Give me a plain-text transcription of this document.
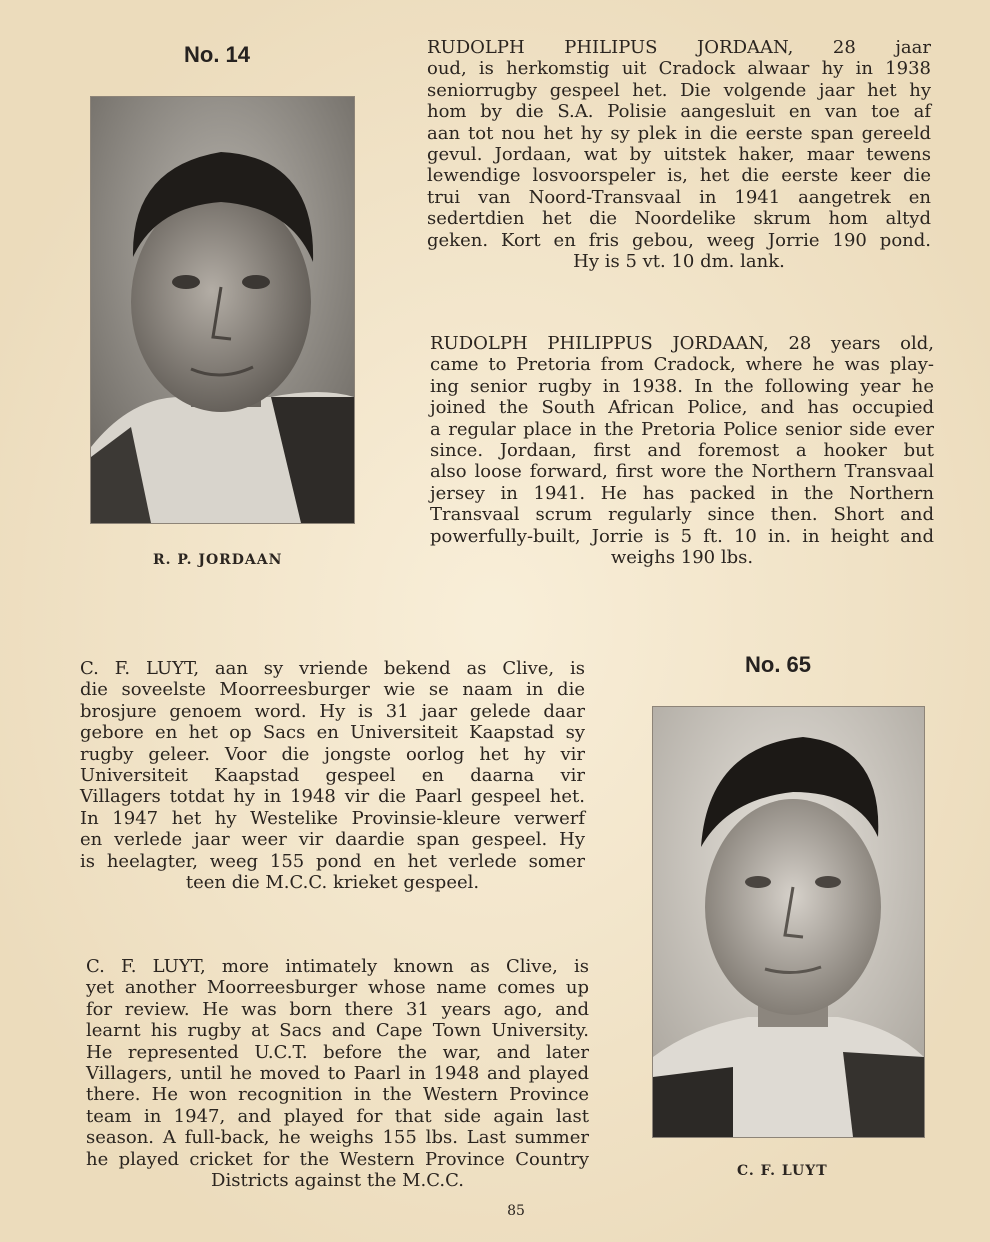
No. 14
R. P. JORDAAN

RUDOLPH PHILIPUS JORDAAN, 28 jaar
oud, is herkomstig uit Cradock alwaar hy in 1938
seniorrugby gespeel het. Die volgende jaar het hy
hom by die S.A. Polisie aangesluit en van toe af
aan tot nou het hy sy plek in die eerste span gereeld
gevul. Jordaan, wat by uitstek haker, maar tewens
lewendige losvoorspeler is, het die eerste keer die
trui van Noord-Transvaal in 1941 aangetrek en
sedertdien het die Noordelike skrum hom altyd
geken. Kort en fris gebou, weeg Jorrie 190 pond.
Hy is 5 vt. 10 dm. lank.

RUDOLPH PHILIPPUS JORDAAN, 28 years old,
came to Pretoria from Cradock, where he was play-
ing senior rugby in 1938. In the following year he
joined the South African Police, and has occupied
a regular place in the Pretoria Police senior side ever
since. Jordaan, first and foremost a hooker but
also loose forward, first wore the Northern Transvaal
jersey in 1941. He has packed in the Northern
Transvaal scrum regularly since then. Short and
powerfully-built, Jorrie is 5 ft. 10 in. in height and
weighs 190 lbs.

No. 65
C. F. LUYT

C. F. LUYT, aan sy vriende bekend as Clive, is
die soveelste Moorreesburger wie se naam in die
brosjure genoem word. Hy is 31 jaar gelede daar
gebore en het op Sacs en Universiteit Kaapstad sy
rugby geleer. Voor die jongste oorlog het hy vir
Universiteit Kaapstad gespeel en daarna vir
Villagers totdat hy in 1948 vir die Paarl gespeel het.
In 1947 het hy Westelike Provinsie-kleure verwerf
en verlede jaar weer vir daardie span gespeel. Hy
is heelagter, weeg 155 pond en het verlede somer
teen die M.C.C. krieket gespeel.

C. F. LUYT, more intimately known as Clive, is
yet another Moorreesburger whose name comes up
for review. He was born there 31 years ago, and
learnt his rugby at Sacs and Cape Town University.
He represented U.C.T. before the war, and later
Villagers, until he moved to Paarl in 1948 and played
there. He won recognition in the Western Province
team in 1947, and played for that side again last
season. A full-back, he weighs 155 lbs. Last summer
he played cricket for the Western Province Country
Districts against the M.C.C.

85
